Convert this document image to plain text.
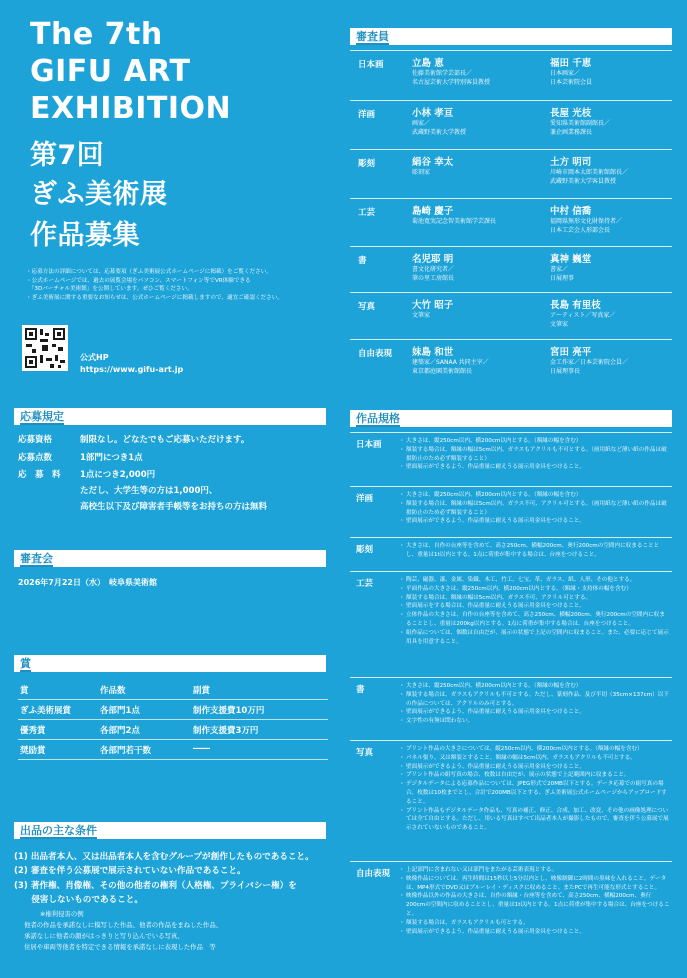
The 7th
GIFU ART
EXHIBITION
第7回
ぎふ美術展
作品募集
・応募方法の詳細については、応募要項（ぎふ美術展公式ホームページに掲載）をご覧ください。
・公式ホームページでは、過去の展覧会場をパソコン、スマートフォン等でVR体験できる
　「3Dバーチャル美術館」を公開しています。ぜひご覧ください。
・ぎふ美術展に関する重要なお知らせは、公式ホームページに掲載しますので、適宜ご確認ください。
公式HP
https://www.gifu-art.jp
応募規定
応募資格	制限なし。どなたでもご応募いただけます。
応募点数	1部門につき1点
応　募　料 1点につき2,000円
ただし、大学生等の方は1,000円、
高校生以下及び障害者手帳等をお持ちの方は無料
審査会
2026年7月22日（水）　岐阜県美術館
賞
賞	作品数	副賞
ぎふ美術展賞	各部門1点	制作支援費10万円
優秀賞	各部門2点	制作支援費3万円
奨励賞	各部門若干数	――
出品の主な条件
(1) 出品者本人、又は出品者本人を含むグループが創作したものであること。
(2) 審査を伴う公募展で展示されていない作品であること。
(3) 著作権、肖像権、その他の他者の権利（人格権、プライバシー権）を
　　侵害しないものであること。
※権利侵害の例
他者の作品を承諾なしに模写した作品、他者の作品をまねした作品、
承諾なしに他者の顔がはっきりと写り込んでいる写真、
住居や車両等他者を特定できる情報を承諾なしに表現した作品　等
審査員
日本画	立島 恵
佐藤美術館学芸部長／
名古屋芸術大学特別客員教授
福田 千恵
日本画家／
日本芸術院会員
洋画	小林 孝亘
画家／
武蔵野美術大学教授
長屋 光枝
愛知県美術館副館長／
兼企画業務課長
彫刻	絹谷 幸太
彫刻家
土方 明司
川崎市岡本太郎美術館館長／
武蔵野美術大学客員教授
工芸	島崎 慶子
菊池寛実記念智美術館学芸課長
中村 信喬
福岡県無形文化財保持者／
日本工芸会人形部会長
書	名児耶 明
書文化研究者／
筆の里工房館長
真神 巍堂
書家／
日展理事
写真	大竹 昭子
文筆家
長島 有里枝
アーティスト／写真家／
文筆家
自由表現 妹島 和世
建築家／SANAA 共同主宰／
東京都庭園美術館館長
宮田 亮平
金工作家／日本芸術院会員／
日展理事長
作品規格
日本画	・ 大きさは、縦250cm以内、横200cm以内とする。（額縁の幅を含む）
・ 額装する場合は、額縁の幅は5cm以内、ガラスもアクリルも不可とする。（画用紙など薄い紙の作品は破損防止のため必ず額装すること）
・ 壁面展示ができるよう、作品重量に耐えうる展示用金具をつけること。
洋画	・ 大きさは、縦250cm以内、横200cm以内とする。（額縁の幅を含む）
・ 額装する場合は、額縁の幅は5cm以内、ガラス不可、アクリル可とする。（画用紙など薄い紙の作品は破損防止のため必ず額装すること）
・ 壁面展示ができるよう、作品重量に耐えうる展示用金具をつけること。
彫刻	・ 大きさは、自作の台座等を含めて、高さ250cm、横幅200cm、奥行200cmの空間内に収まることとし、重量は1t以内とする。1点に荷重が集中する場合は、台座をつけること。
工芸	・ 陶芸、磁器、漆、金属、染織、木工、竹工、七宝、革、ガラス、紙、人形、その他とする。
・ 平面作品の大きさは、縦250cm以内、横200cm以内とする。（額縁・支持体の幅を含む）
・ 額装する場合は、額縁の幅は5cm以内、ガラス不可、アクリル可とする。
・ 壁面展示をする場合は、作品重量に耐えうる展示用金具をつけること。
・ 立体作品の大きさは、自作の台座等を含めて、高さ250cm、横幅200cm、奥行200cmの空間内に収まることとし、重量は200kg以内とする。1点に荷重が集中する場合は、台座をつけること。
・ 組作品については、個数は自由だが、展示の状態で上記の空間内に収まること。また、必要に応じて展示用具を用意すること。
書	・ 大きさは、縦250cm以内、横200cm以内とする。（額縁の幅を含む）
・ 額装する場合は、ガラスもアクリルも不可とする。ただし、篆刻作品、及び半切（35cm×137cm）以下の作品については、アクリルのみ可とする。
・ 壁面展示ができるよう、作品重量に耐えうる展示用金具をつけること。
・ 文字性の有無は問わない。
写真	・ プリント作品の大きさについては、縦250cm以内、横200cm以内とする。（額縁の幅を含む）
・ パネル張り、又は額装とすること。額縁の幅は5cm以内、ガラスもアクリルも不可とする。
・ 壁面展示ができるよう、作品重量に耐えうる展示用金具をつけること。
・ プリント作品の組写真の場合、枚数は自由だが、展示の状態で上記範囲内に収まること。
・ デジタルデータによる応募作品については、JPEG形式で20MB以下とする。データ応募での組写真の場合、枚数は10枚までとし、合計で200MB以下とする。ぎふ美術展公式ホームページからアップロードすること。
・ プリント作品もデジタルデータ作品も、写真の補正、修正、合成、加工、改変、その他の画像処理については全て自由とする。ただし、用いる写真はすべて出品者本人が撮影したもので、審査を伴う公募展で展示されていないものであること。
自由表現	・ 上記部門に含まれない又は部門をまたがる芸術表現とする。
・ 映像作品については、再生時間は15秒以上5分以内とし、映像制御に2時間の黒味を入れること。データは、MP4形式でDVD又はブルーレイ・ディスクに収めること。またPCで再生可能な形式とすること。
・ 映像作品以外の作品の大きさは、自作の額縁・台座等を含めて、高さ250cm、横幅200cm、奥行200cmの空間内に収めることとし、重量は1t以内とする。1点に荷重が集中する場合は、台座をつけること。
・ 額装する場合は、ガラスもアクリルも可とする。
・ 壁面展示ができるよう、作品重量に耐えうる展示用金具をつけること。
